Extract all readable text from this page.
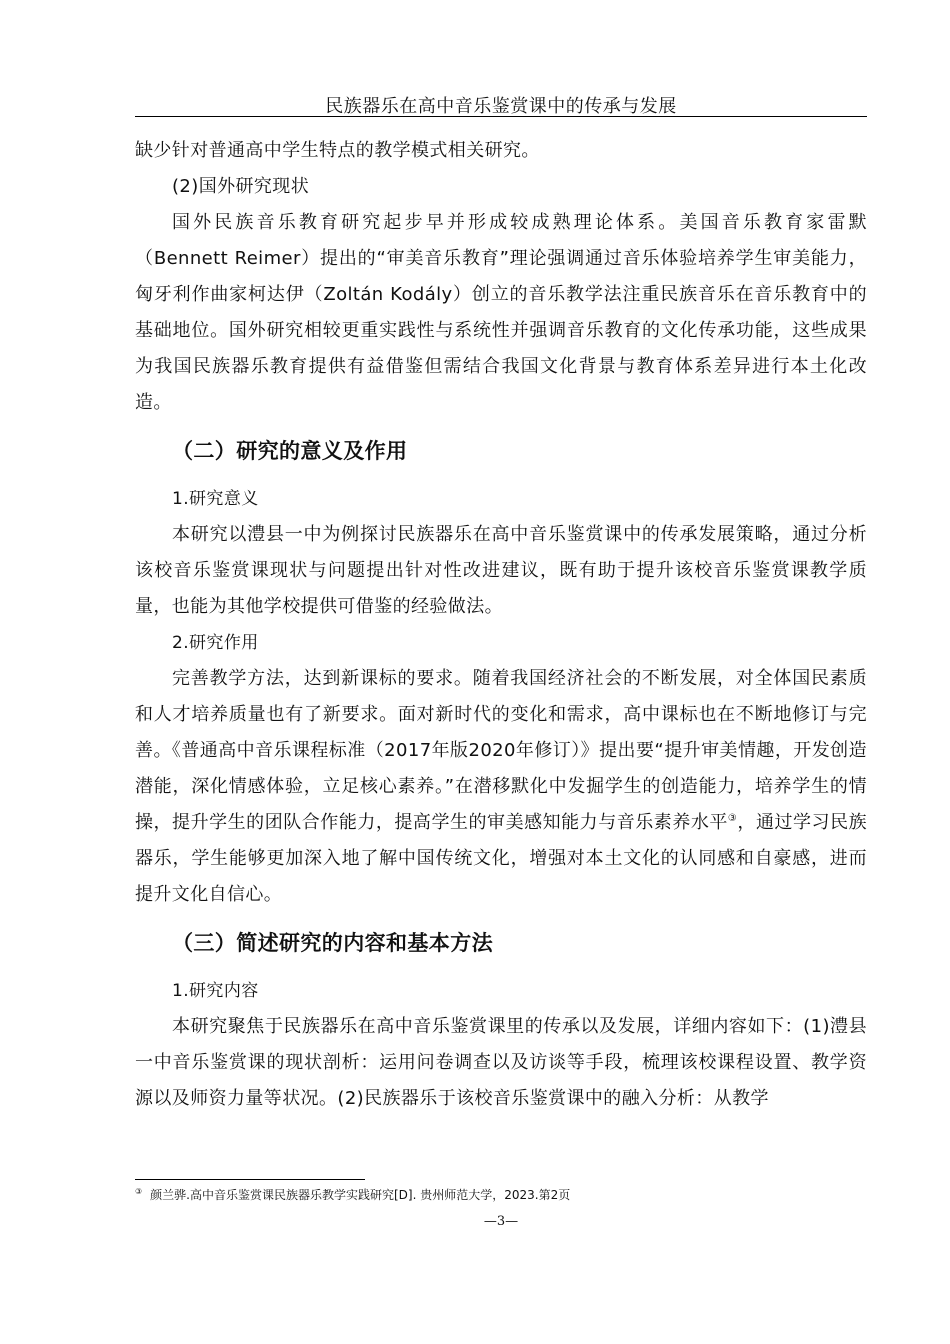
民族器乐在高中音乐鉴赏课中的传承与发展

缺少针对普通高中学生特点的教学模式相关研究。

(2)国外研究现状

国外民族音乐教育研究起步早并形成较成熟理论体系。美国音乐教育家雷默（Bennett Reimer）提出的“审美音乐教育”理论强调通过音乐体验培养学生审美能力，匈牙利作曲家柯达伊（Zoltán Kodály）创立的音乐教学法注重民族音乐在音乐教育中的基础地位。国外研究相较更重实践性与系统性并强调音乐教育的文化传承功能，这些成果为我国民族器乐教育提供有益借鉴但需结合我国文化背景与教育体系差异进行本土化改造。

（二）研究的意义及作用

1.研究意义

本研究以澧县一中为例探讨民族器乐在高中音乐鉴赏课中的传承发展策略，通过分析该校音乐鉴赏课现状与问题提出针对性改进建议，既有助于提升该校音乐鉴赏课教学质量，也能为其他学校提供可借鉴的经验做法。

2.研究作用

完善教学方法，达到新课标的要求。随着我国经济社会的不断发展，对全体国民素质和人才培养质量也有了新要求。面对新时代的变化和需求，高中课标也在不断地修订与完善。《普通高中音乐课程标准（2017年版2020年修订）》提出要“提升审美情趣，开发创造潜能，深化情感体验，立足核心素养。”在潜移默化中发掘学生的创造能力，培养学生的情操，提升学生的团队合作能力，提高学生的审美感知能力与音乐素养水平③，通过学习民族器乐，学生能够更加深入地了解中国传统文化，增强对本土文化的认同感和自豪感，进而提升文化自信心。

（三）简述研究的内容和基本方法

1.研究内容

本研究聚焦于民族器乐在高中音乐鉴赏课里的传承以及发展，详细内容如下：(1)澧县一中音乐鉴赏课的现状剖析：运用问卷调查以及访谈等手段，梳理该校课程设置、教学资源以及师资力量等状况。(2)民族器乐于该校音乐鉴赏课中的融入分析：从教学

③ 颜兰骅.高中音乐鉴赏课民族器乐教学实践研究[D]. 贵州师范大学，2023.第2页
—3—
